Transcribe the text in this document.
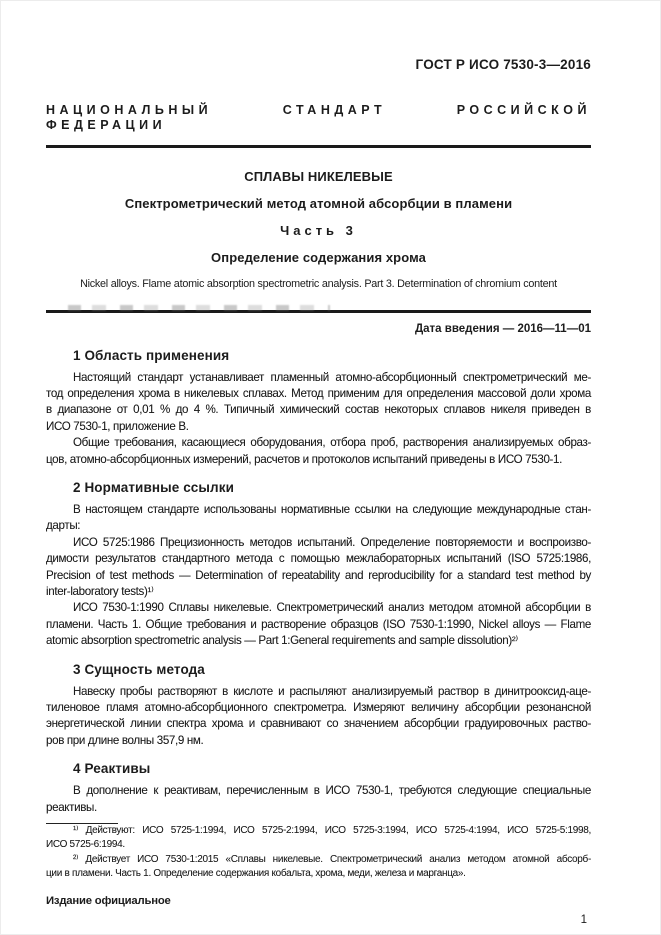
ГОСТ Р ИСО 7530-3—2016
НАЦИОНАЛЬНЫЙ СТАНДАРТ РОССИЙСКОЙ ФЕДЕРАЦИИ
СПЛАВЫ НИКЕЛЕВЫЕ
Спектрометрический метод атомной абсорбции в пламени
Часть 3
Определение содержания хрома
Nickel alloys. Flame atomic absorption spectrometric analysis. Part 3. Determination of chromium content
Дата введения — 2016—11—01
1 Область применения
Настоящий стандарт устанавливает пламенный атомно-абсорбционный спектрометрический ме-
тод определения хрома в никелевых сплавах. Метод применим для определения массовой доли хрома
в диапазоне от 0,01 % до 4 %. Типичный химический состав некоторых сплавов никеля приведен в
ИСО 7530-1, приложение В.
Общие требования, касающиеся оборудования, отбора проб, растворения анализируемых образ-
цов, атомно-абсорбционных измерений, расчетов и протоколов испытаний приведены в ИСО 7530-1.
2 Нормативные ссылки
В настоящем стандарте использованы нормативные ссылки на следующие международные стан-
дарты:
ИСО 5725:1986 Прецизионность методов испытаний. Определение повторяемости и воспроизво-
димости результатов стандартного метода с помощью межлабораторных испытаний (ISO 5725:1986,
Precision of test methods — Determination of repeatability and reproducibility for a standard test method by
inter-laboratory tests)¹⁾
ИСО 7530-1:1990 Сплавы никелевые. Спектрометрический анализ методом атомной абсорбции в
пламени. Часть 1. Общие требования и растворение образцов (ISO 7530-1:1990, Nickel alloys — Flame
atomic absorption spectrometric analysis — Part 1:General requirements and sample dissolution)²⁾
3 Сущность метода
Навеску пробы растворяют в кислоте и распыляют анализируемый раствор в динитрооксид-аце-
тиленовое пламя атомно-абсорбционного спектрометра. Измеряют величину абсорбции резонансной
энергетической линии спектра хрома и сравнивают со значением абсорбции градуировочных раство-
ров при длине волны 357,9 нм.
4 Реактивы
В дополнение к реактивам, перечисленным в ИСО 7530-1, требуются следующие специальные
реактивы.
¹⁾ Действуют: ИСО 5725-1:1994, ИСО 5725-2:1994, ИСО 5725-3:1994, ИСО 5725-4:1994, ИСО 5725-5:1998,
ИСО 5725-6:1994.
²⁾ Действует ИСО 7530-1:2015 «Сплавы никелевые. Спектрометрический анализ методом атомной абсорб-
ции в пламени. Часть 1. Определение содержания кобальта, хрома, меди, железа и марганца».
Издание официальное
1
